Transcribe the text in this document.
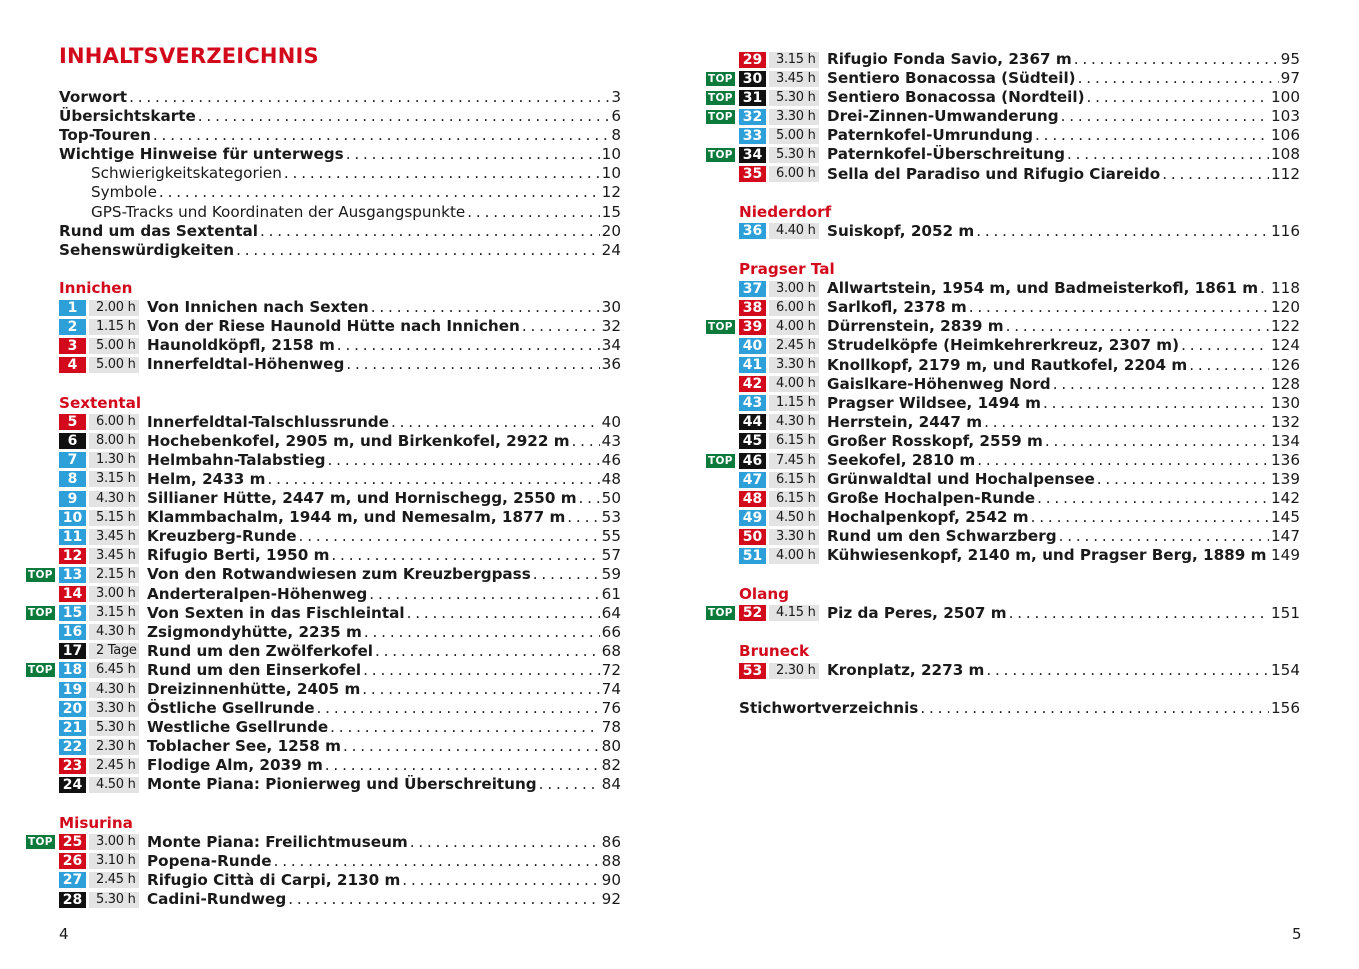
INHALTSVERZEICHNIS
Vorwort . . .	3
Übersichtskarte . . .	6
Top-Touren . . .	8
Wichtige Hinweise für unterwegs . . .	10
Schwierigkeitskategorien . . .	10
Symbole . . .	12
GPS-Tracks und Koordinaten der Ausgangspunkte . . .	15
Rund um das Sextental . . .	20
Sehenswürdigkeiten . . .	24
Innichen
1	2.00 h Von Innichen nach Sexten . . .	30
2	1.15 h Von der Riese Haunold Hütte nach Innichen . . .	32
3	5.00 h Haunoldköpfl, 2158 m . . .	34
4	5.00 h Innerfeldtal-Höhenweg . . .	36
Sextental
5	6.00 h Innerfeldtal-Talschlussrunde . . .	40
6	8.00 h Hochebenkofel, 2905 m, und Birkenkofel, 2922 m . . . 43
7	1.30 h Helmbahn-Talabstieg . . .	46
8	3.15 h Helm, 2433 m . . .	48
9	4.30 h Sillianer Hütte, 2447 m, und Hornischegg, 2550 m . . . 50
10	5.15 h Klammbachalm, 1944 m, und Nemesalm, 1877 m . . . 53
11	3.45 h Kreuzberg-Runde . . .	55
12	3.45 h Rifugio Berti, 1950 m . . .	57
TOP 13	2.15 h Von den Rotwandwiesen zum Kreuzbergpass . . .	59
14	3.00 h Anderteralpen-Höhenweg . . .	61
TOP 15	3.15 h Von Sexten in das Fischleintal . . .	64
16	4.30 h Zsigmondyhütte, 2235 m . . .	66
17	2 Tage Rund um den Zwölferkofel . . .	68
TOP 18	6.45 h Rund um den Einserkofel . . .	72
19	4.30 h Dreizinnenhütte, 2405 m . . .	74
20	3.30 h Östliche Gsellrunde . . .	76
21	5.30 h Westliche Gsellrunde . . .	78
22	2.30 h Toblacher See, 1258 m . . .	80
23	2.45 h Flodige Alm, 2039 m . . .	82
24	4.50 h Monte Piana: Pionierweg und Überschreitung . . .	84
Misurina
TOP 25	3.00 h Monte Piana: Freilichtmuseum . . .	86
26	3.10 h Popena-Runde . . .	88
27	2.45 h Rifugio Città di Carpi, 2130 m . . .	90
28	5.30 h Cadini-Rundweg . . .	92
4
29	3.15 h Rifugio Fonda Savio, 2367 m . . .	95
TOP 30	3.45 h Sentiero Bonacossa (Südteil) . . .	97
TOP 31	5.30 h Sentiero Bonacossa (Nordteil) . . .	100
TOP 32	3.30 h Drei-Zinnen-Umwanderung . . .	103
33	5.00 h Paternkofel-Umrundung . . .	106
TOP 34	5.30 h Paternkofel-Überschreitung . . .	108
35	6.00 h Sella del Paradiso und Rifugio Ciareido . . .	112
Niederdorf
36	4.40 h Suiskopf, 2052 m . . .	116
Pragser Tal
37	3.00 h Allwartstein, 1954 m, und Badmeisterkofl, 1861 m . . . 118
38	6.00 h Sarlkofl, 2378 m . . .	120
TOP 39	4.00 h Dürrenstein, 2839 m . . .	122
40	2.45 h Strudelköpfe (Heimkehrerkreuz, 2307 m) . . .	124
41	3.30 h Knollkopf, 2179 m, und Rautkofel, 2204 m . . .	126
42	4.00 h Gaislkare-Höhenweg Nord . . .	128
43	1.15 h Pragser Wildsee, 1494 m . . .	130
44	4.30 h Herrstein, 2447 m . . .	132
45	6.15 h Großer Rosskopf, 2559 m . . .	134
TOP 46	7.45 h Seekofel, 2810 m . . .	136
47	6.15 h Grünwaldtal und Hochalpensee . . .	139
48	6.15 h Große Hochalpen-Runde . . .	142
49	4.50 h Hochalpenkopf, 2542 m . . .	145
50	3.30 h Rund um den Schwarzberg . . .	147
51	4.00 h Kühwiesenkopf, 2140 m, und Pragser Berg, 1889 m . . . 149
Olang
TOP 52	4.15 h Piz da Peres, 2507 m . . .	151
Bruneck
53	2.30 h Kronplatz, 2273 m . . .	154
Stichwortverzeichnis . . .	156
5
